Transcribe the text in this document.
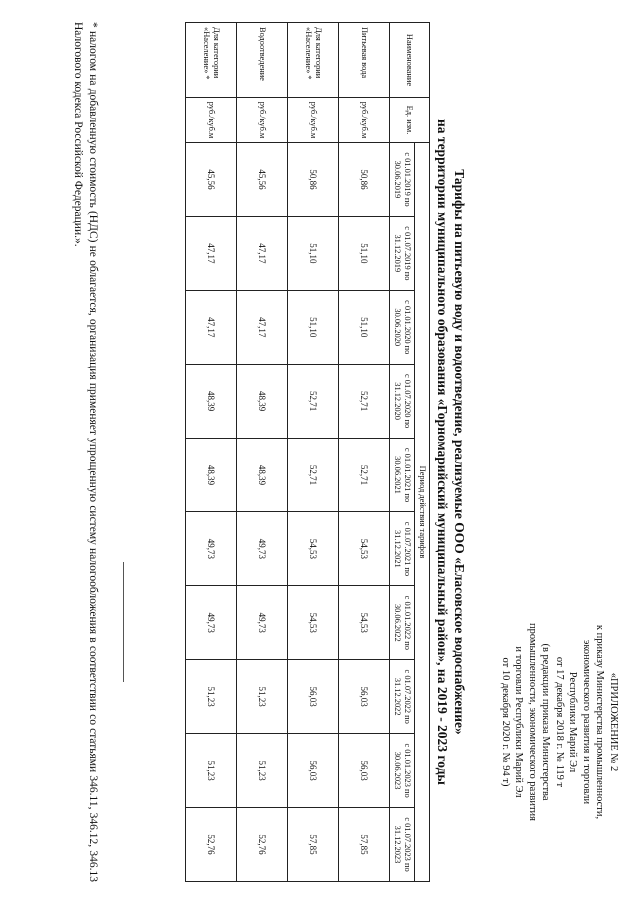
«ПРИЛОЖЕНИЕ № 2
к приказу Министерства промышленности,
экономического развития и торговли
Республики Марий Эл
от 17 декабря 2018 г. № 119 т
(в редакции приказа Министерства
промышленности, экономического развития
и торговли Республики Марий Эл
от 10 декабря 2020 г. № 94 т)
Тарифы на питьевую воду и водоотведение, реализуемые ООО «Еласовское водоснабжение»
на территории муниципального образования «Горномарийский муниципальный район», на 2019 - 2023 годы
Наименование	Ед. изм.	Период действия тарифов									
		с 01.01.2019 по 30.06.2019	с 01.07.2019 по 31.12.2019	с 01.01.2020 по 30.06.2020	с 01.07.2020 по 31.12.2020	с 01.01.2021 по 30.06.2021	с 01.07.2021 по 31.12.2021	с 01.01.2022 по 30.06.2022	с 01.07.2022 по 31.12.2022	с 01.01.2023 по 30.06.2023	с 01.07.2023 по 31.12.2023
Питьевая вода	руб./куб.м	50,86	51,10	51,10	52,71	52,71	54,53	54,53	56,03	56,03	57,85
Для категории «Население» *	руб./куб.м	50,86	51,10	51,10	52,71	52,71	54,53	54,53	56,03	56,03	57,85
Водоотведение	руб./куб.м	45,56	47,17	47,17	48,39	48,39	49,73	49,73	51,23	51,23	52,76
Для категории «Население» *	руб./куб.м	45,56	47,17	47,17	48,39	48,39	49,73	49,73	51,23	51,23	52,76
* налогом на добавленную стоимость (НДС) не облагается, организация применяет упрощенную систему налогообложения в соответствии со статьями 346.11, 346.12, 346.13 Налогового кодекса Российской Федерации.».
